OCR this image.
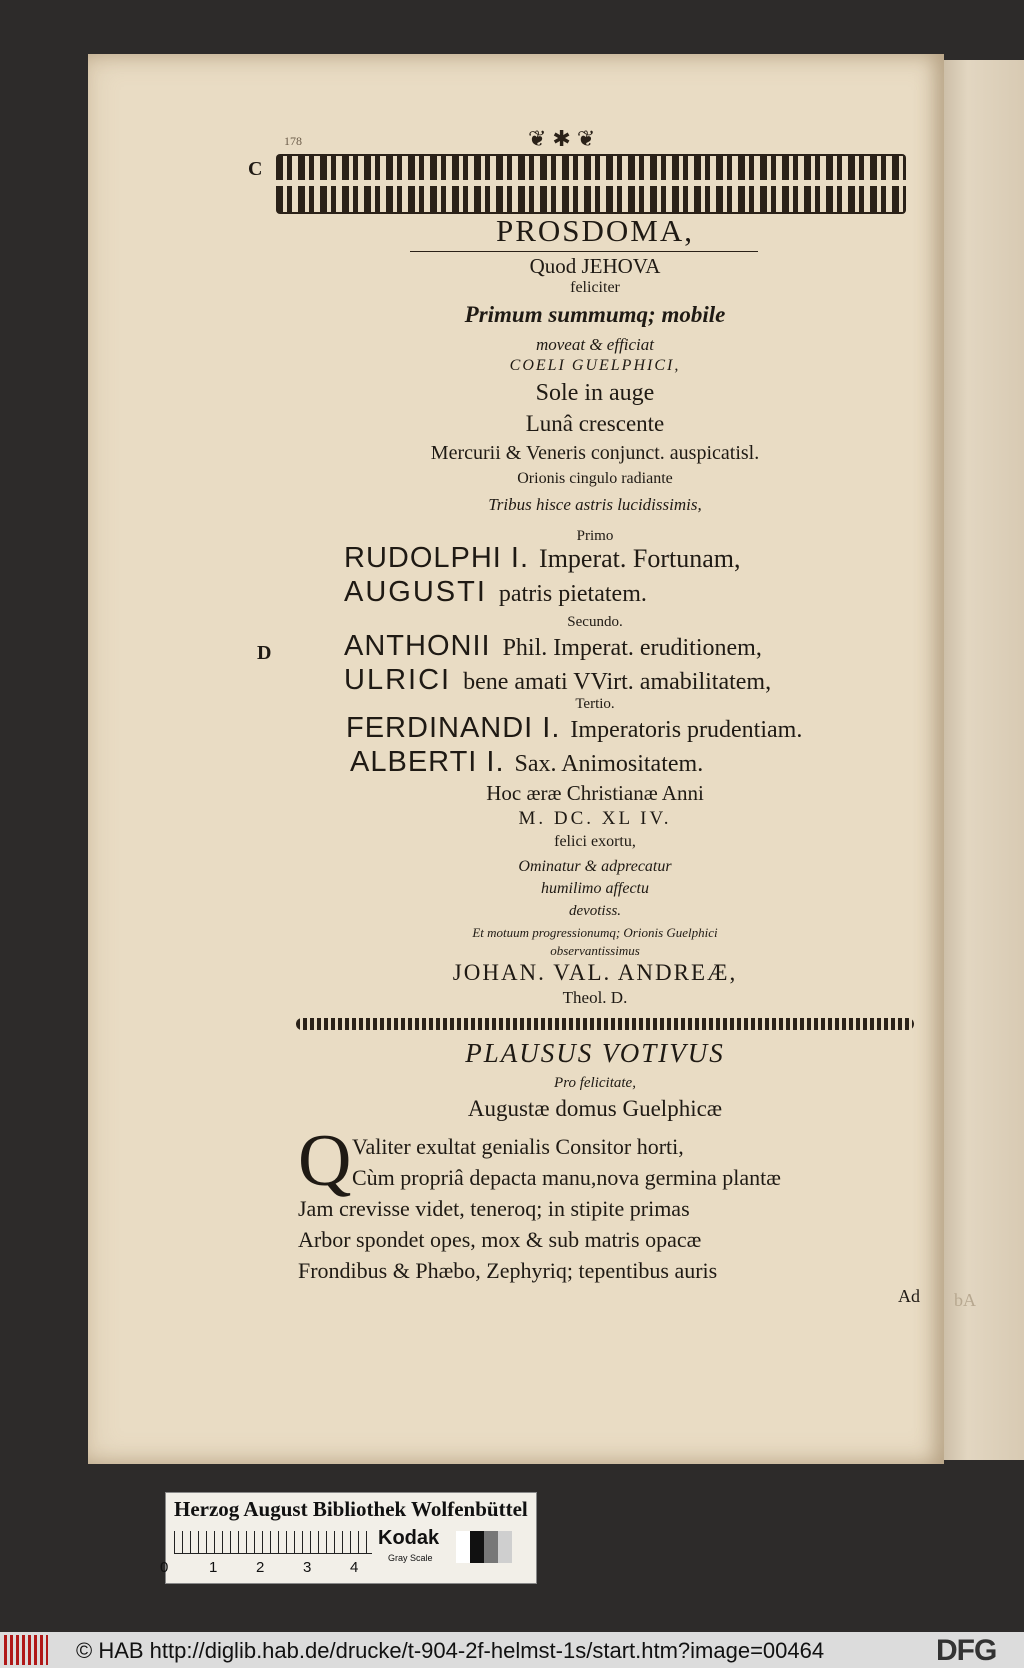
bA
C
D
178	❦✱❦
PROSDOMA,
Quod JEHOVA
feliciter
Primum summumq; mobile
moveat & efficiat
COELI GUELPHICI,
Sole in auge
Lunâ crescente
Mercurii & Veneris conjunct. auspicatisl.
Orionis cingulo radiante
Tribus hisce astris lucidissimis,
Primo
RUDOLPHI I. Imperat. Fortunam,
AUGUSTI patris pietatem.
Secundo.
ANTHONII Phil. Imperat. eruditionem,
ULRICI bene amati VVirt. amabilitatem,
Tertio.
FERDINANDI I. Imperatoris prudentiam.
ALBERTI I. Sax. Animositatem.
Hoc æræ Christianæ Anni
M. DC. XL IV.
felici exortu,
Ominatur & adprecatur
humilimo affectu
devotiss.
Et motuum progressionumq; Orionis Guelphici
observantissimus
JOHAN. VAL. ANDREÆ,
Theol. D.
PLAUSUS VOTIVUS
Pro felicitate,
Augustæ domus Guelphicæ
Q Valiter exultat genialis Consitor horti,
Cùm propriâ depacta manu,nova germina plantæ
Jam crevisse videt, teneroq; in stipite primas
Arbor spondet opes, mox & sub matris opacæ
Frondibus & Phæbo, Zephyriq; tepentibus auris
Ad
Herzog August Bibliothek Wolfenbüttel
0	1	2	3	4
Kodak
Gray Scale
© HAB http://diglib.hab.de/drucke/t-904-2f-helmst-1s/start.htm?image=00464	DFG
